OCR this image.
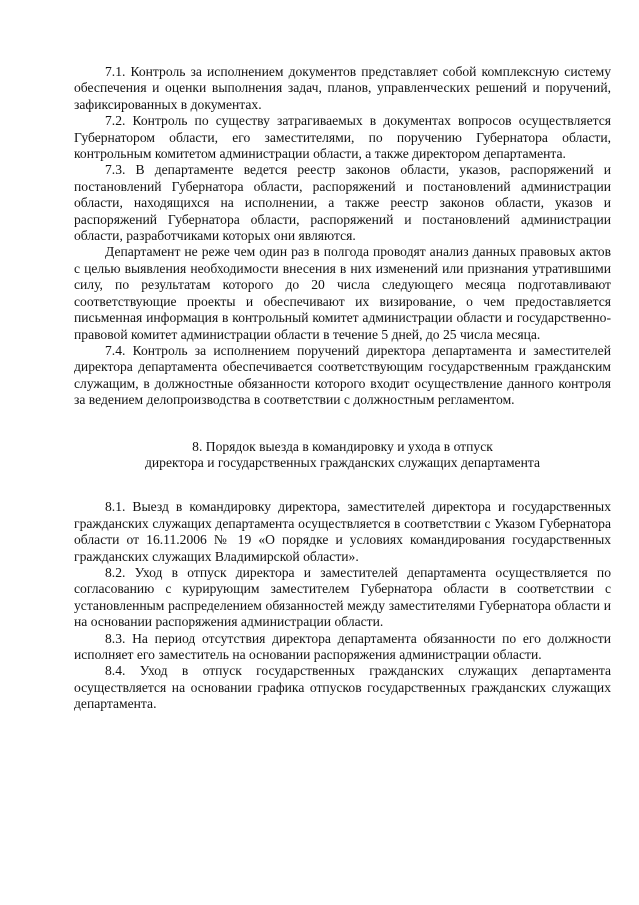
7.1. Контроль за исполнением документов представляет собой комплексную систему обеспечения и оценки выполнения задач, планов, управленческих решений и поручений, зафиксированных в документах.

7.2. Контроль по существу затрагиваемых в документах вопросов осуществляется Губернатором области, его заместителями, по поручению Губернатора области, контрольным комитетом администрации области, а также директором департамента.

7.3. В департаменте ведется реестр законов области, указов, распоряжений и постановлений Губернатора области, распоряжений и постановлений администрации области, находящихся на исполнении, а также реестр законов области, указов и распоряжений Губернатора области, распоряжений и постановлений администрации области, разработчиками которых они являются.

Департамент не реже чем один раз в полгода проводят анализ данных правовых актов с целью выявления необходимости внесения в них изменений или признания утратившими силу, по результатам которого до 20 числа следующего месяца подготавливают соответствующие проекты и обеспечивают их визирование, о чем предоставляется письменная информация в контрольный комитет администрации области и государственно-правовой комитет администрации области в течение 5 дней, до 25 числа месяца.

7.4. Контроль за исполнением поручений директора департамента и заместителей директора департамента обеспечивается соответствующим государственным гражданским служащим, в должностные обязанности которого входит осуществление данного контроля за ведением делопроизводства в соответствии с должностным регламентом.

8. Порядок выезда в командировку и ухода в отпуск
директора и государственных гражданских служащих департамента

8.1. Выезд в командировку директора, заместителей директора и государственных гражданских служащих департамента осуществляется в соответствии с Указом Губернатора области от 16.11.2006 № 19 «О порядке и условиях командирования государственных гражданских служащих Владимирской области».

8.2. Уход в отпуск директора и заместителей департамента осуществляется по согласованию с курирующим заместителем Губернатора области в соответствии с установленным распределением обязанностей между заместителями Губернатора области и на основании распоряжения администрации области.

8.3. На период отсутствия директора департамента обязанности по его должности исполняет его заместитель на основании распоряжения администрации области.

8.4. Уход в отпуск государственных гражданских служащих департамента осуществляется на основании графика отпусков государственных гражданских служащих департамента.
